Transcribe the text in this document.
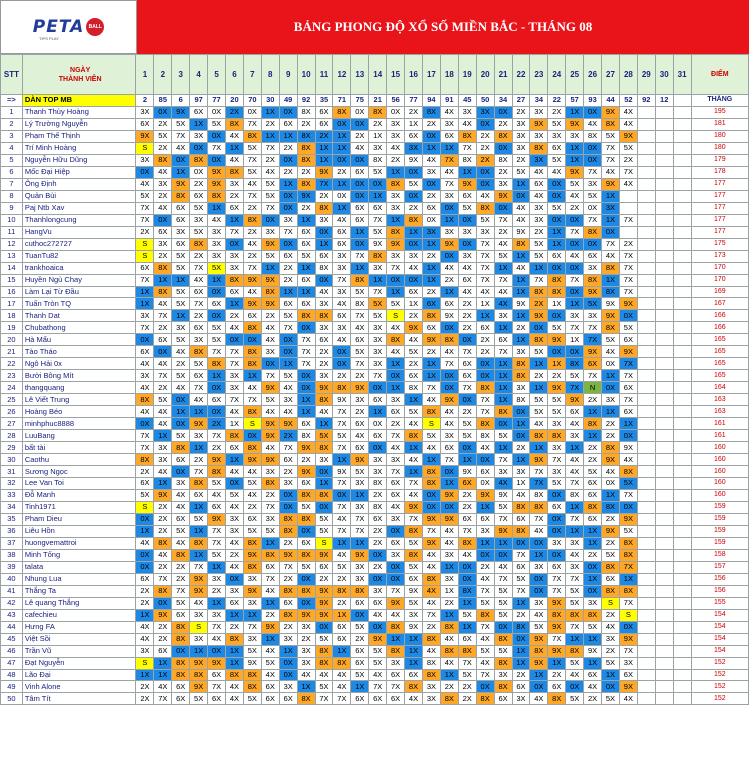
PETA BALL
TIPS PLAY
BẢNG PHONG ĐỘ XỔ SỐ MIỀN BẮC - THÁNG 08
STT	NGÀY
THÀNH VIÊN	1	2	3	4	5	6	7	8	9	10	11	12	13	14	15	16	17	18	19	20	21	22	23	24	25	26	27	28	29	30	31	ĐIỂM
=>	DÀN TOP MB	2	85	6	97	77	20	70	30	49	92	35	71	75	21	56	77	94	91	45	50	34	27	34	22	57	93	44	52	92	12		THẮNG
1	Thanh Thủy Hoàng	3X	0X	9X	6X	0X	2X	0X	1X	0X	8X	6X	8X	0X	8X	0X	2X	8X	4X	3X	3X	0X	2X	3X	2X	1X	0X	9X	4X				195
2	Lý Trường Nguyễn	6X	2X	5X	1X	5X	8X	7X	2X	6X	2X	6X	0X	0X	2X	3X	1X	2X	3X	4X	0X	2X	3X	9X	5X	9X	4X	8X	4X				181
3	Phạm Thế Thịnh	9X	5X	7X	3X	0X	4X	8X	1X	1X	8X	2X	1X	2X	1X	3X	6X	0X	6X	8X	2X	8X	3X	3X	3X	3X	8X	5X	9X				180
4	Trí Minh Hoàng	S	2X	4X	0X	7X	1X	5X	7X	2X	8X	1X	1X	4X	3X	4X	3X	1X	1X	7X	2X	0X	3X	8X	6X	1X	0X	7X	5X				180
5	Nguyễn Hữu Dũng	3X	8X	0X	8X	0X	4X	7X	2X	0X	8X	1X	0X	0X	8X	2X	9X	4X	7X	8X	2X	8X	2X	3X	5X	1X	0X	7X	2X				179
6	Mốc Đại Hiệp	0X	4X	1X	0X	9X	8X	5X	4X	2X	2X	9X	2X	6X	5X	1X	0X	3X	4X	1X	0X	2X	5X	4X	4X	9X	7X	4X	7X				178
7	Ông Định	4X	3X	9X	2X	9X	3X	4X	5X	1X	8X	7X	1X	0X	0X	8X	5X	0X	7X	9X	0X	3X	1X	6X	0X	5X	3X	9X	4X				177
8	Quản Bùi	5X	2X	8X	6X	8X	2X	7X	5X	0X	9X	2X	0X	0X	1X	3X	0X	2X	3X	6X	4X	9X	0X	4X	0X	4X	5X	1X					177
9	Paj Ntb Xav	7X	4X	6X	5X	1X	6X	2X	7X	0X	2X	8X	1X	6X	6X	3X	2X	6X	0X	5X	8X	0X	4X	3X	5X	2X	0X	3X					177
10	Thanhlongcung	7X	0X	6X	3X	4X	1X	8X	0X	3X	1X	3X	4X	6X	7X	1X	8X	0X	1X	0X	5X	7X	4X	3X	0X	0X	7X	1X	7X				177
11	HangVu	2X	6X	3X	5X	3X	7X	2X	3X	7X	6X	0X	6X	1X	5X	8X	1X	3X	3X	3X	3X	2X	9X	2X	1X	7X	8X	0X					177
12	cuthoc272727	S	3X	6X	8X	3X	0X	4X	9X	0X	6X	1X	6X	0X	9X	9X	0X	1X	9X	0X	7X	4X	8X	5X	1X	0X	0X	7X	2X				175
13	TuanTu82	S	2X	5X	2X	3X	3X	2X	5X	6X	5X	6X	3X	7X	8X	3X	3X	2X	0X	3X	7X	5X	1X	5X	6X	4X	6X	4X	7X				173
14	trankhoaica	6X	8X	5X	7X	5X	3X	7X	1X	2X	1X	8X	3X	1X	3X	7X	4X	1X	4X	4X	7X	1X	4X	1X	0X	0X	3X	8X	7X				170
15	Huyền Ngủ Chay	7X	1X	1X	4X	1X	8X	9X	9X	2X	6X	0X	7X	8X	1X	0X	0X	1X	2X	6X	7X	7X	1X	7X	8X	7X	8X	1X	7X				170
16	Làm Lại Từ Đầu	1X	8X	5X	6X	0X	6X	4X	8X	1X	1X	4X	3X	5X	7X	1X	6X	2X	1X	4X	4X	4X	1X	8X	8X	0X	9X	8X	7X				169
17	Tuấn Tròn TQ	1X	4X	5X	7X	6X	1X	9X	9X	6X	6X	3X	4X	8X	5X	5X	1X	6X	6X	2X	1X	4X	9X	2X	1X	1X	5X	9X	9X				167
18	Thanh Dat	3X	7X	1X	2X	0X	2X	6X	2X	5X	8X	8X	6X	7X	5X	S	2X	8X	9X	2X	1X	3X	1X	9X	0X	3X	3X	9X	0X				166
19	Chubathong	7X	2X	3X	6X	5X	4X	8X	4X	7X	0X	3X	3X	4X	3X	4X	9X	6X	0X	2X	6X	1X	2X	0X	5X	7X	7X	8X	5X				166
20	Hà Mẩu	0X	6X	5X	3X	5X	0X	0X	4X	0X	7X	6X	4X	6X	3X	8X	4X	9X	8X	0X	2X	6X	1X	8X	9X	1X	7X	5X	6X				165
21	Tào Tháo	6X	0X	4X	8X	7X	7X	8X	3X	0X	7X	2X	0X	5X	3X	4X	5X	2X	4X	7X	2X	7X	3X	5X	0X	0X	9X	4X	9X				165
22	Ngô Hải 0x	4X	4X	2X	5X	8X	7X	8X	0X	1X	7X	2X	0X	7X	3X	1X	2X	1X	7X	6X	0X	1X	8X	1X	1X	8X	6X	0X	7X				165
23	Bưởi Bông Mít	3X	7X	5X	6X	1X	3X	1X	7X	5X	0X	3X	2X	2X	7X	0X	6X	1X	0X	6X	0X	1X	8X	2X	2X	5X	7X	1X	7X				165
24	thangquang	4X	2X	4X	7X	0X	3X	4X	9X	4X	0X	9X	8X	9X	0X	1X	8X	7X	0X	7X	8X	1X	3X	1X	9X	7X	N	0X	6X				164
25	Lê Viết Trung	8X	5X	0X	4X	6X	7X	7X	5X	3X	1X	8X	9X	3X	6X	3X	1X	4X	9X	0X	7X	1X	8X	5X	5X	9X	2X	3X	7X				163
26	Hoàng Béo	4X	4X	1X	1X	0X	4X	8X	4X	4X	1X	4X	7X	2X	1X	6X	5X	8X	4X	2X	7X	8X	0X	5X	5X	6X	1X	1X	6X				163
27	minhphuc8888	0X	4X	0X	9X	2X	1X	S	9X	9X	6X	1X	7X	6X	0X	2X	4X	S	4X	5X	8X	0X	1X	4X	3X	4X	8X	2X	1X				161
28	LuuBang	7X	1X	5X	3X	7X	8X	0X	9X	2X	8X	5X	5X	4X	6X	7X	8X	5X	3X	5X	8X	5X	0X	8X	8X	3X	1X	2X	0X				161
29	bất tài	7X	3X	8X	1X	2X	6X	8X	4X	7X	9X	8X	7X	6X	0X	4X	1X	4X	6X	0X	4X	1X	2X	1X	3X	1X	2X	8X	9X				160
30	Caothu	8X	3X	6X	2X	9X	1X	9X	9X	6X	2X	3X	1X	9X	3X	3X	4X	1X	7X	1X	0X	7X	1X	9X	7X	4X	2X	9X	4X				160
31	Sương Ngọc	2X	4X	0X	7X	8X	4X	4X	3X	2X	9X	0X	9X	5X	3X	7X	1X	8X	0X	9X	6X	3X	3X	7X	3X	4X	5X	4X	8X				160
32	Lee Van Toi	6X	1X	3X	8X	5X	0X	5X	8X	3X	6X	1X	7X	3X	8X	6X	7X	8X	1X	6X	0X	4X	1X	7X	5X	7X	6X	0X	5X				160
33	Đỗ Manh	5X	9X	4X	6X	4X	5X	4X	2X	0X	8X	8X	0X	1X	2X	6X	4X	0X	9X	2X	9X	9X	4X	8X	0X	8X	6X	1X	7X				160
34	Tinh1971	S	2X	4X	1X	6X	4X	2X	7X	0X	5X	0X	7X	3X	8X	4X	9X	0X	0X	2X	1X	5X	8X	8X	6X	1X	8X	8X	0X				159
35	Pham Dieu	0X	2X	6X	5X	9X	3X	6X	3X	8X	8X	5X	4X	7X	6X	3X	7X	9X	9X	6X	6X	7X	6X	7X	0X	7X	6X	2X	9X				159
36	Liêu Hồn	1X	2X	5X	1X	7X	3X	5X	5X	8X	0X	5X	7X	7X	2X	0X	8X	7X	4X	7X	3X	9X	8X	4X	0X	1X	1X	9X	5X				159
37	huongvemattroi	4X	8X	4X	8X	7X	4X	8X	1X	2X	6X	S	1X	1X	2X	6X	5X	9X	4X	8X	1X	1X	0X	0X	3X	3X	1X	2X	8X				159
38	Minh Tống	0X	4X	8X	1X	5X	2X	9X	8X	9X	8X	9X	4X	9X	0X	3X	8X	4X	3X	4X	0X	0X	7X	1X	0X	4X	2X	5X	8X				158
39	talata	0X	2X	2X	7X	1X	4X	8X	6X	7X	5X	6X	5X	3X	2X	0X	5X	4X	1X	0X	2X	4X	6X	3X	6X	3X	0X	8X	7X				157
40	Nhung Lua	6X	7X	2X	9X	3X	0X	3X	7X	2X	0X	2X	2X	3X	0X	0X	6X	8X	3X	0X	4X	7X	5X	0X	7X	7X	1X	6X	1X				156
41	Thắng Ta	2X	8X	7X	9X	2X	3X	9X	4X	8X	8X	9X	8X	8X	3X	7X	9X	4X	1X	8X	7X	5X	7X	0X	7X	5X	0X	8X	8X				156
42	Lê quang Thắng	2X	0X	5X	4X	1X	6X	3X	1X	6X	0X	9X	2X	6X	6X	9X	5X	4X	2X	1X	5X	5X	1X	3X	9X	5X	3X	S	7X				155
43	cafechieu	1X	9X	6X	3X	3X	1X	1X	2X	8X	9X	9X	1X	0X	4X	4X	3X	7X	1X	5X	8X	5X	2X	4X	8X	8X	8X	2X	S				154
44	Hưng FA	4X	2X	8X	S	7X	2X	7X	9X	2X	3X	0X	6X	5X	0X	8X	9X	2X	8X	1X	7X	0X	8X	5X	9X	7X	5X	4X	0X				154
45	Việt Sồi	4X	2X	8X	3X	4X	8X	3X	1X	3X	2X	5X	6X	2X	9X	1X	1X	8X	4X	6X	4X	8X	0X	9X	7X	1X	1X	3X	9X				154
46	Trần Vũ	3X	6X	0X	1X	0X	1X	5X	4X	1X	3X	8X	1X	6X	5X	8X	1X	4X	8X	8X	5X	5X	1X	8X	9X	8X	9X	2X	7X				154
47	Đạt Nguyễn	S	1X	8X	9X	9X	1X	9X	5X	0X	3X	8X	8X	6X	5X	3X	1X	8X	4X	7X	4X	8X	1X	9X	1X	5X	1X	5X	3X				152
48	Lão Đại	1X	1X	8X	8X	6X	8X	8X	4X	0X	4X	4X	4X	5X	4X	6X	6X	8X	1X	5X	7X	3X	2X	1X	2X	4X	6X	1X	6X				152
49	Vinh Alone	2X	4X	6X	9X	7X	4X	8X	6X	3X	1X	5X	4X	1X	7X	7X	8X	3X	2X	2X	0X	8X	6X	0X	6X	0X	4X	0X	9X				152
50	Tâm Tít	2X	7X	6X	5X	6X	4X	5X	6X	6X	8X	7X	7X	6X	6X	6X	4X	3X	8X	2X	8X	6X	3X	4X	8X	5X	2X	5X	4X				152
